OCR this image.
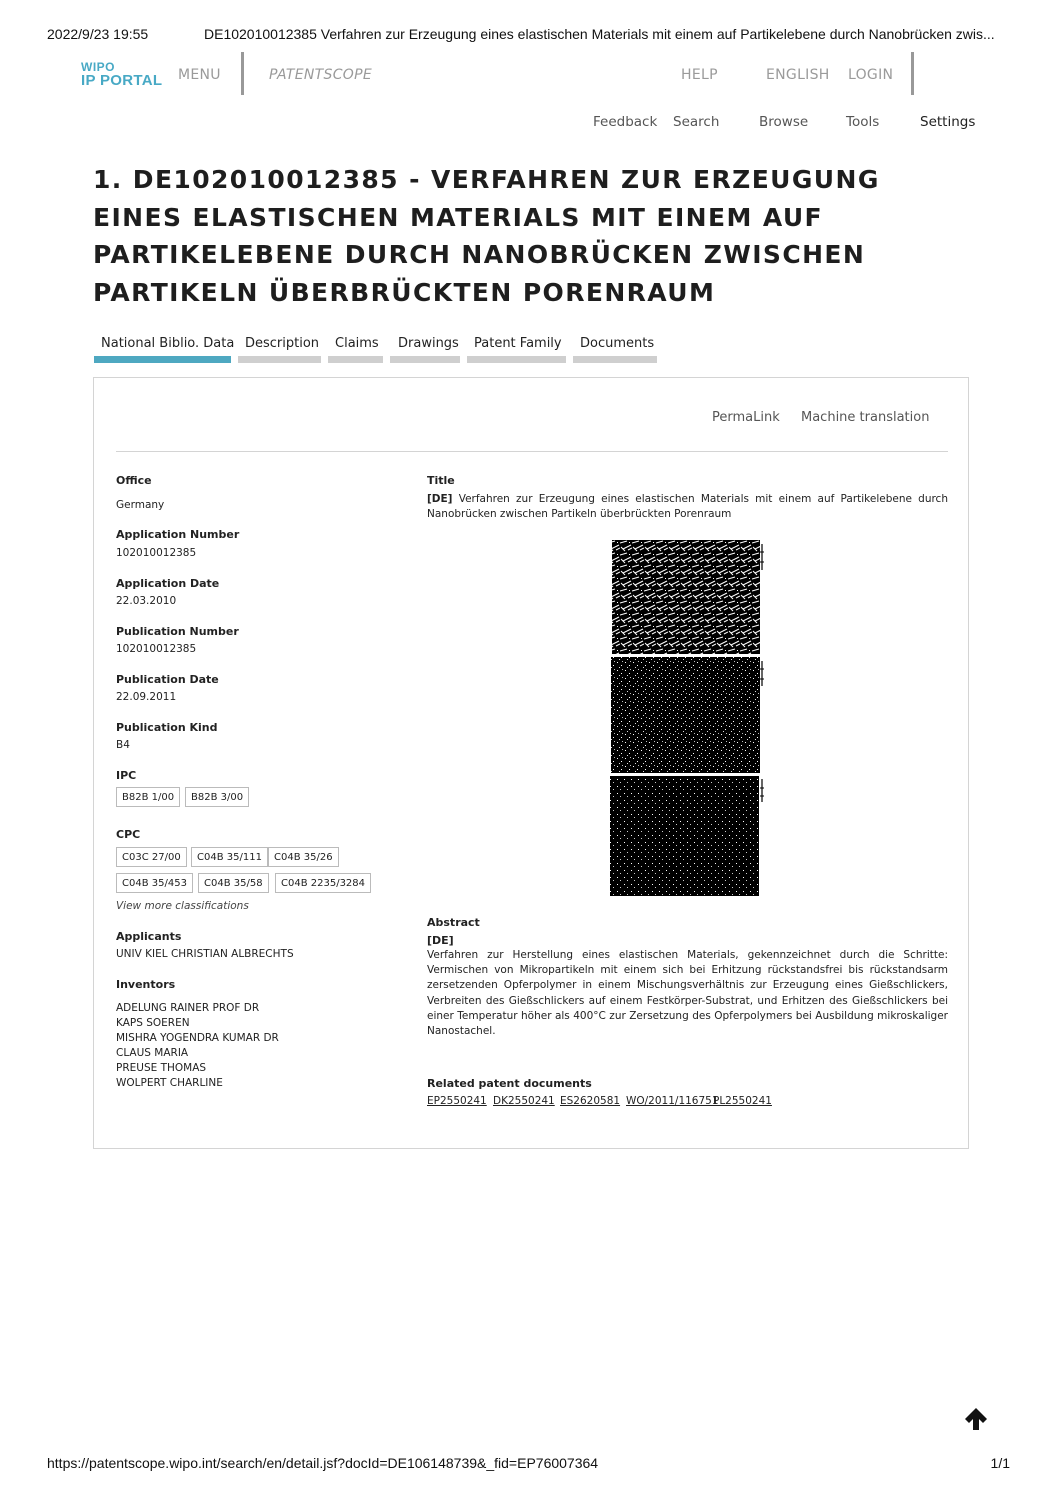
2022/9/23 19:55	DE102010012385 Verfahren zur Erzeugung eines elastischen Materials mit einem auf Partikelebene durch Nanobrücken zwis...
WIPO
IP PORTAL MENU	PATENTSCOPE	HELP	ENGLISH LOGIN
Feedback Search	Browse	Tools	Settings
1. DE102010012385 - VERFAHREN ZUR ERZEUGUNG EINES ELASTISCHEN MATERIALS MIT EINEM AUF PARTIKELEBENE DURCH NANOBRÜCKEN ZWISCHEN PARTIKELN ÜBERBRÜCKTEN PORENRAUM
National Biblio. Data Description Claims Drawings Patent Family Documents
PermaLink Machine translation
Office
Germany
Application Number
102010012385
Application Date
22.03.2010
Publication Number
102010012385
Publication Date
22.09.2011
Publication Kind
B4
IPC
B82B 1/00	B82B 3/00
CPC
C03C 27/00	C04B 35/111	C04B 35/26
C04B 35/453	C04B 35/58	C04B 2235/3284
View more classifications
Applicants
UNIV KIEL CHRISTIAN ALBRECHTS
Inventors
ADELUNG RAINER PROF DR
KAPS SOEREN
MISHRA YOGENDRA KUMAR DR
CLAUS MARIA
PREUSE THOMAS
WOLPERT CHARLINE
Title
[DE] Verfahren zur Erzeugung eines elastischen Materials mit einem auf Partikelebene durch Nanobrücken zwischen Partikeln überbrückten Porenraum
Abstract
[DE]
Verfahren zur Herstellung eines elastischen Materials, gekennzeichnet durch die Schritte: Vermischen von Mikropartikeln mit einem sich bei Erhitzung rückstandsfrei bis rückstandsarm zersetzenden Opferpolymer in einem Mischungsverhältnis zur Erzeugung eines Gießschlickers, Verbreiten des Gießschlickers auf einem Festkörper-Substrat, und Erhitzen des Gießschlickers bei einer Temperatur höher als 400°C zur Zersetzung des Opferpolymers bei Ausbildung mikroskaliger Nanostachel.
Related patent documents
EP2550241 DK2550241 ES2620581 WO/2011/116751
PL2550241
https://patentscope.wipo.int/search/en/detail.jsf?docId=DE106148739&_fid=EP76007364	1/1
